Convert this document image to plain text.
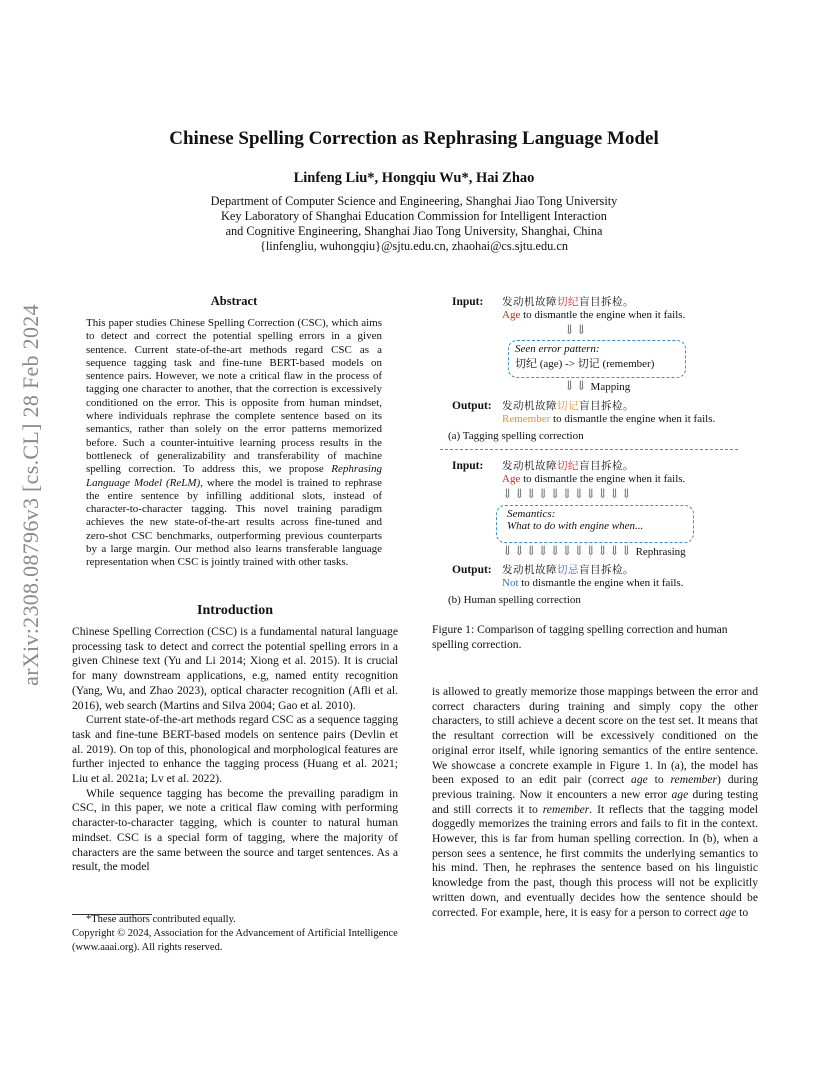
Chinese Spelling Correction as Rephrasing Language Model
Linfeng Liu*, Hongqiu Wu*, Hai Zhao
Department of Computer Science and Engineering, Shanghai Jiao Tong University
Key Laboratory of Shanghai Education Commission for Intelligent Interaction
and Cognitive Engineering, Shanghai Jiao Tong University, Shanghai, China
{linfengliu, wuhongqiu}@sjtu.edu.cn, zhaohai@cs.sjtu.edu.cn
arXiv:2308.08796v3 [cs.CL] 28 Feb 2024
Abstract
This paper studies Chinese Spelling Correction (CSC), which aims to detect and correct the potential spelling errors in a given sentence. Current state-of-the-art methods regard CSC as a sequence tagging task and fine-tune BERT-based models on sentence pairs. However, we note a critical flaw in the process of tagging one character to another, that the correction is excessively conditioned on the error. This is opposite from human mindset, where individuals rephrase the complete sentence based on its semantics, rather than solely on the error patterns memorized before. Such a counter-intuitive learning process results in the bottleneck of generalizability and transferability of machine spelling correction. To address this, we propose Rephrasing Language Model (ReLM), where the model is trained to rephrase the entire sentence by infilling additional slots, instead of character-to-character tagging. This novel training paradigm achieves the new state-of-the-art results across fine-tuned and zero-shot CSC benchmarks, outperforming previous counterparts by a large margin. Our method also learns transferable language representation when CSC is jointly trained with other tasks.
Introduction

Chinese Spelling Correction (CSC) is a fundamental natural language processing task to detect and correct the potential spelling errors in a given Chinese text (Yu and Li 2014; Xiong et al. 2015). It is crucial for many downstream applications, e.g, named entity recognition (Yang, Wu, and Zhao 2023), optical character recognition (Afli et al. 2016), web search (Martins and Silva 2004; Gao et al. 2010).

Current state-of-the-art methods regard CSC as a sequence tagging task and fine-tune BERT-based models on sentence pairs (Devlin et al. 2019). On top of this, phonological and morphological features are further injected to enhance the tagging process (Huang et al. 2021; Liu et al. 2021a; Lv et al. 2022).

While sequence tagging has become the prevailing paradigm in CSC, in this paper, we note a critical flaw coming with performing character-to-character tagging, which is counter to natural human mindset. CSC is a special form of tagging, where the majority of characters are the same between the source and target sentences. As a result, the model

*These authors contributed equally.
Copyright © 2024, Association for the Advancement of Artificial Intelligence (www.aaai.org). All rights reserved.
Input: 发动机故障切纪盲目拆检。
Age to dismantle the engine when it fails.
⇓⇓
Seen error pattern:
切纪 (age) -> 切记 (remember)
⇓⇓ Mapping
Output: 发动机故障切记盲目拆检。
Remember to dismantle the engine when it fails.
(a) Tagging spelling correction
Input: 发动机故障切纪盲目拆检。
Age to dismantle the engine when it fails.
⇓⇓⇓⇓⇓⇓⇓⇓⇓⇓⇓
Semantics:
What to do with engine when...
⇓⇓⇓⇓⇓⇓⇓⇓⇓⇓⇓ Rephrasing
Output: 发动机故障切忌盲目拆检。
Not to dismantle the engine when it fails.
(b) Human spelling correction
Figure 1: Comparison of tagging spelling correction and human spelling correction.

is allowed to greatly memorize those mappings between the error and correct characters during training and simply copy the other characters, to still achieve a decent score on the test set. It means that the resultant correction will be excessively conditioned on the original error itself, while ignoring semantics of the entire sentence. We showcase a concrete example in Figure 1. In (a), the model has been exposed to an edit pair (correct age to remember) during previous training. Now it encounters a new error age during testing and still corrects it to remember. It reflects that the tagging model doggedly memorizes the training errors and fails to fit in the context. However, this is far from human spelling correction. In (b), when a person sees a sentence, he first commits the underlying semantics to his mind. Then, he rephrases the sentence based on his linguistic knowledge from the past, though this process will not be explicitly written down, and eventually decides how the sentence should be corrected. For example, here, it is easy for a person to correct age to
